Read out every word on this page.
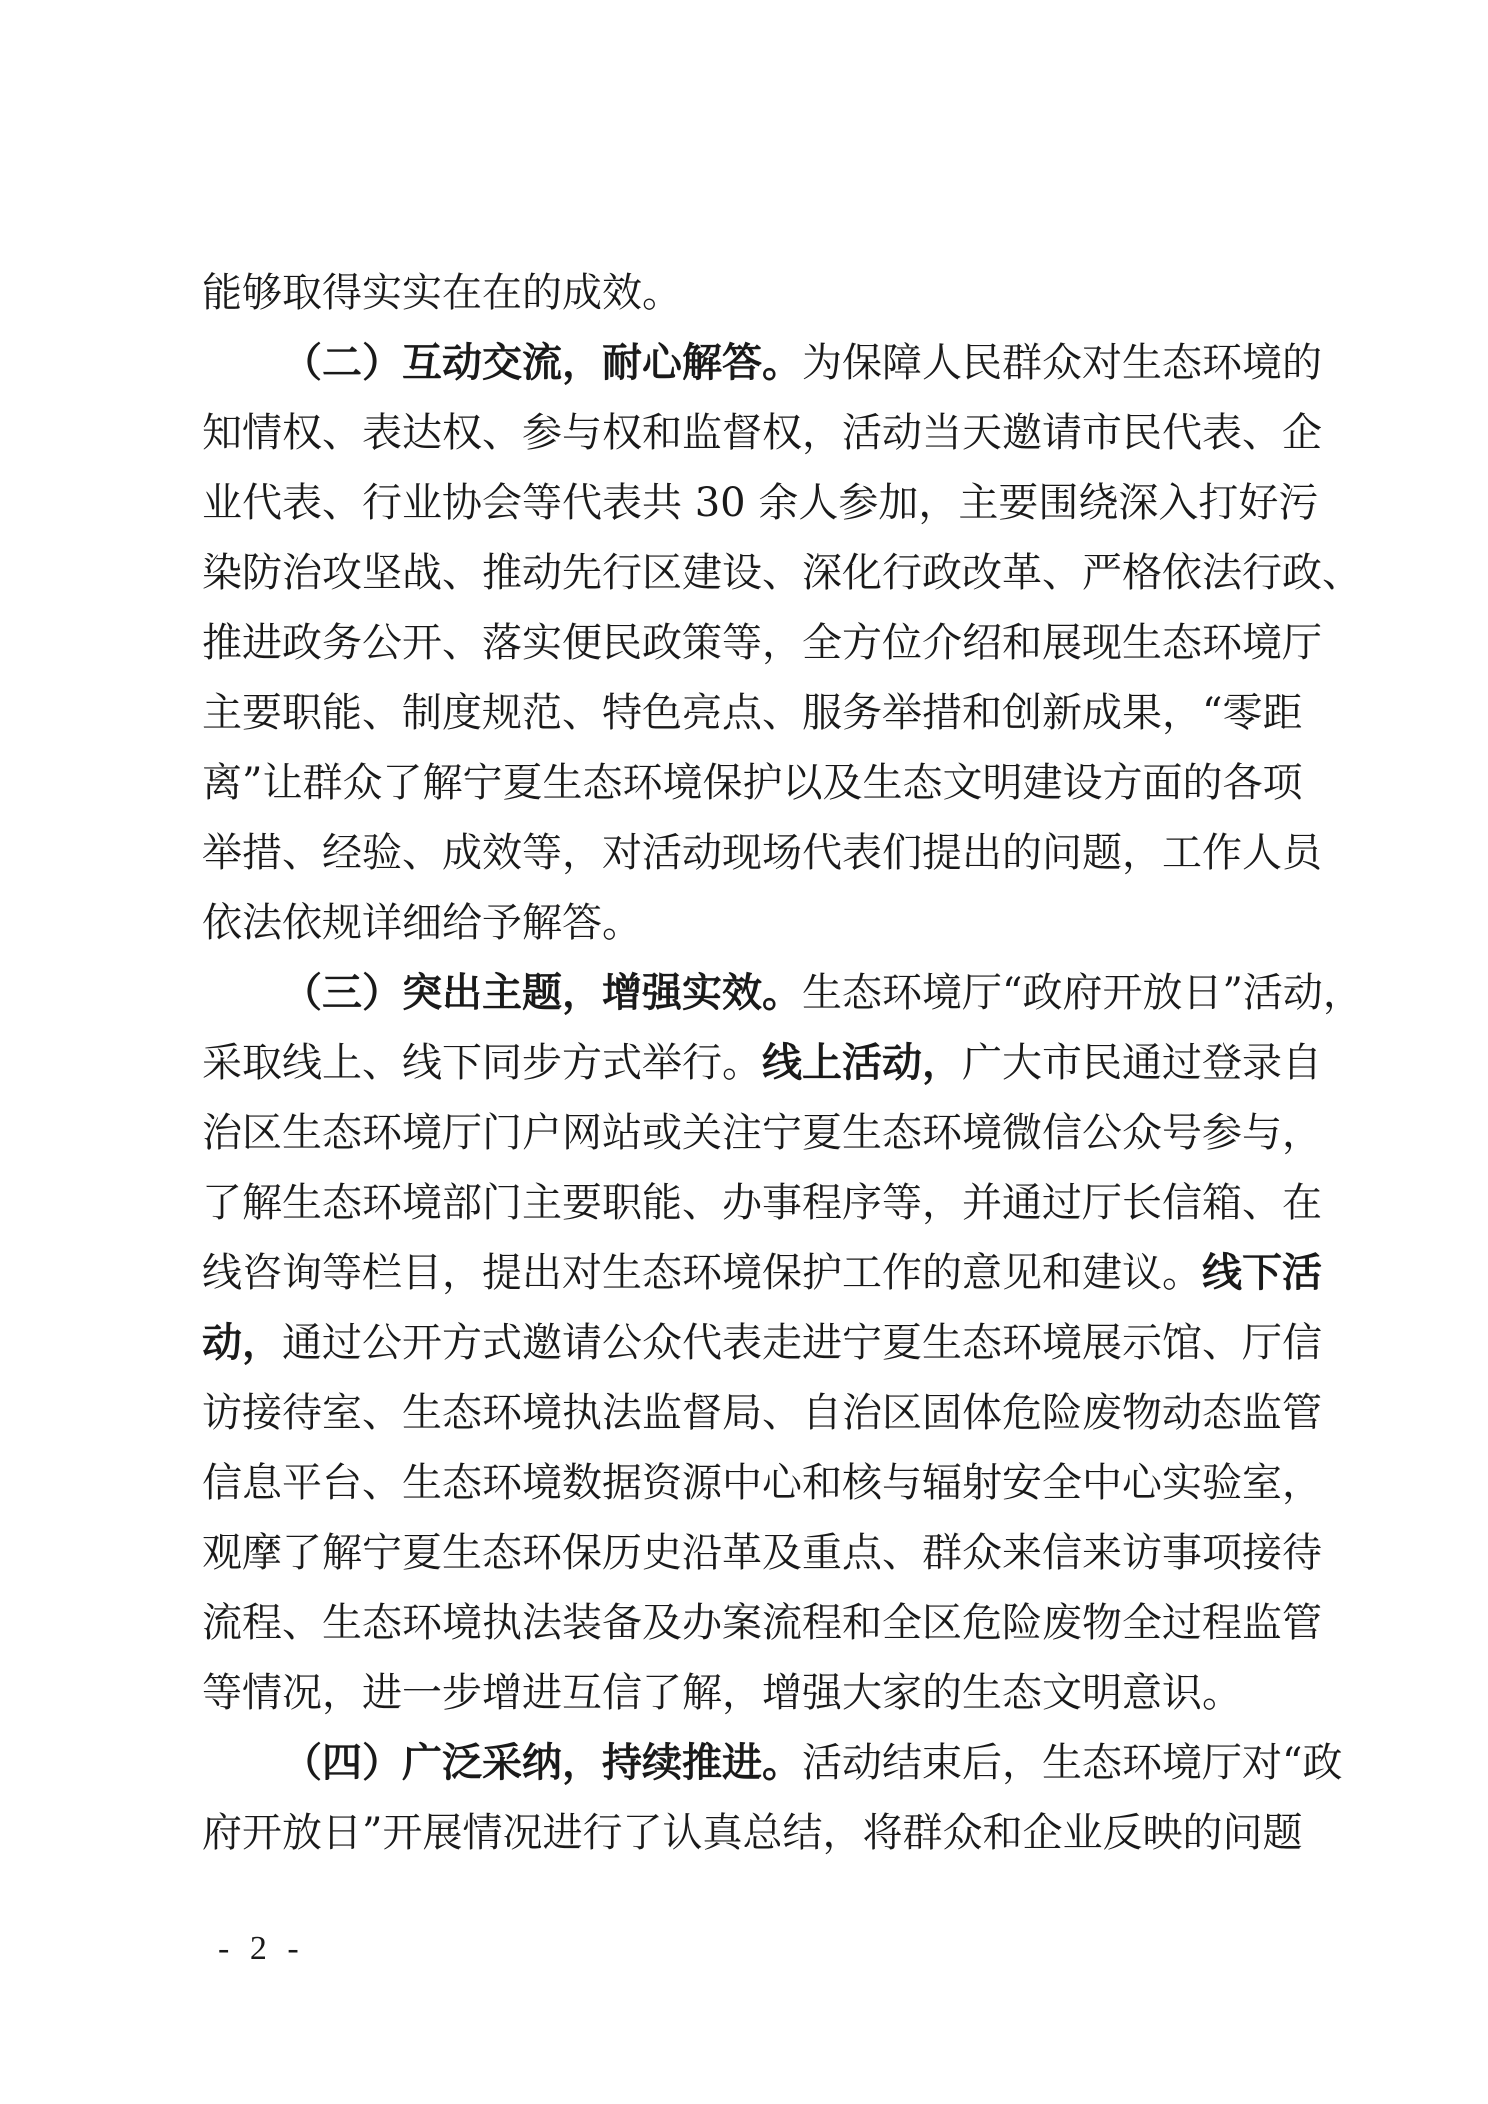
能够取得实实在在的成效。
（二）互动交流，耐心解答。为保障人民群众对生态环境的
知情权、表达权、参与权和监督权，活动当天邀请市民代表、企
业代表、行业协会等代表共 30 余人参加，主要围绕深入打好污
染防治攻坚战、推动先行区建设、深化行政改革、严格依法行政、
推进政务公开、落实便民政策等，全方位介绍和展现生态环境厅
主要职能、制度规范、特色亮点、服务举措和创新成果，“零距
离”让群众了解宁夏生态环境保护以及生态文明建设方面的各项
举措、经验、成效等，对活动现场代表们提出的问题，工作人员
依法依规详细给予解答。
（三）突出主题，增强实效。生态环境厅“政府开放日”活动，
采取线上、线下同步方式举行。线上活动，广大市民通过登录自
治区生态环境厅门户网站或关注宁夏生态环境微信公众号参与，
了解生态环境部门主要职能、办事程序等，并通过厅长信箱、在
线咨询等栏目，提出对生态环境保护工作的意见和建议。线下活
动，通过公开方式邀请公众代表走进宁夏生态环境展示馆、厅信
访接待室、生态环境执法监督局、自治区固体危险废物动态监管
信息平台、生态环境数据资源中心和核与辐射安全中心实验室，
观摩了解宁夏生态环保历史沿革及重点、群众来信来访事项接待
流程、生态环境执法装备及办案流程和全区危险废物全过程监管
等情况，进一步增进互信了解，增强大家的生态文明意识。
（四）广泛采纳，持续推进。活动结束后，生态环境厅对“政
府开放日”开展情况进行了认真总结，将群众和企业反映的问题
- 2 -
